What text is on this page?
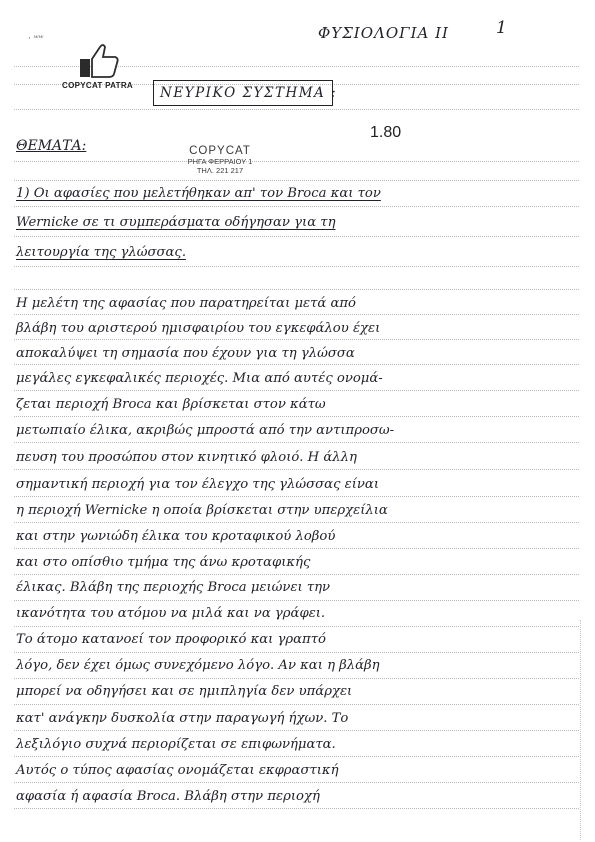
· ʷʷ	ΦΥΣΙΟΛΟΓΙΑ ΙΙ	1
COPYCAT PATRA ΝΕΥΡΙΚΟ ΣΥΣΤΗΜΑ :
ΘΕΜΑΤΑ:
1.80
COPYCAT
ΡΗΓΑ ΦΕΡΡΑΙΟΥ 1
ΤΗΛ. 221 217
1) Οι αφασίες που μελετήθηκαν απ' τον Broca και τον
Wernicke σε τι συμπεράσματα οδήγησαν για τη
λειτουργία της γλώσσας.
Η μελέτη της αφασίας που παρατηρείται μετά από
βλάβη του αριστερού ημισφαιρίου του εγκεφάλου έχει
αποκαλύψει τη σημασία που έχουν για τη γλώσσα
μεγάλες εγκεφαλικές περιοχές. Μια από αυτές ονομά-
ζεται περιοχή Broca και βρίσκεται στον κάτω
μετωπιαίο έλικα, ακριβώς μπροστά από την αντιπροσω-
πευση του προσώπου στον κινητικό φλοιό. Η άλλη
σημαντική περιοχή για τον έλεγχο της γλώσσας είναι
η περιοχή Wernicke η οποία βρίσκεται στην υπερχείλια
και στην γωνιώδη έλικα του κροταφικού λοβού
και στο οπίσθιο τμήμα της άνω κροταφικής
έλικας. Βλάβη της περιοχής Broca μειώνει την
ικανότητα του ατόμου να μιλά και να γράφει.
Το άτομο κατανοεί τον προφορικό και γραπτό
λόγο, δεν έχει όμως συνεχόμενο λόγο. Αν και η βλάβη
μπορεί να οδηγήσει και σε ημιπληγία δεν υπάρχει
κατ' ανάγκην δυσκολία στην παραγωγή ήχων. Το
λεξιλόγιο συχνά περιορίζεται σε επιφωνήματα.
Αυτός ο τύπος αφασίας ονομάζεται εκφραστική
αφασία ή αφασία Broca. Βλάβη στην περιοχή
